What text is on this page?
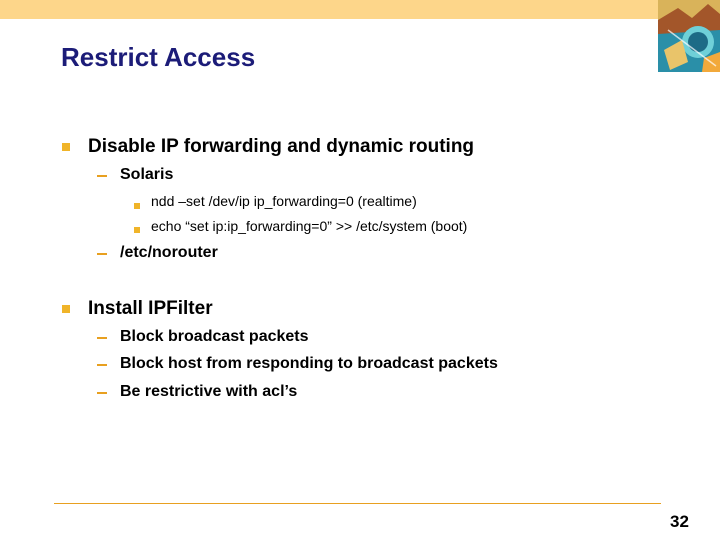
Restrict Access
Disable IP forwarding and dynamic routing
Solaris
ndd –set /dev/ip ip_forwarding=0 (realtime)
echo “set ip:ip_forwarding=0” >> /etc/system (boot)
/etc/norouter
Install IPFilter
Block broadcast packets
Block host from responding to broadcast packets
Be restrictive with acl’s
32
